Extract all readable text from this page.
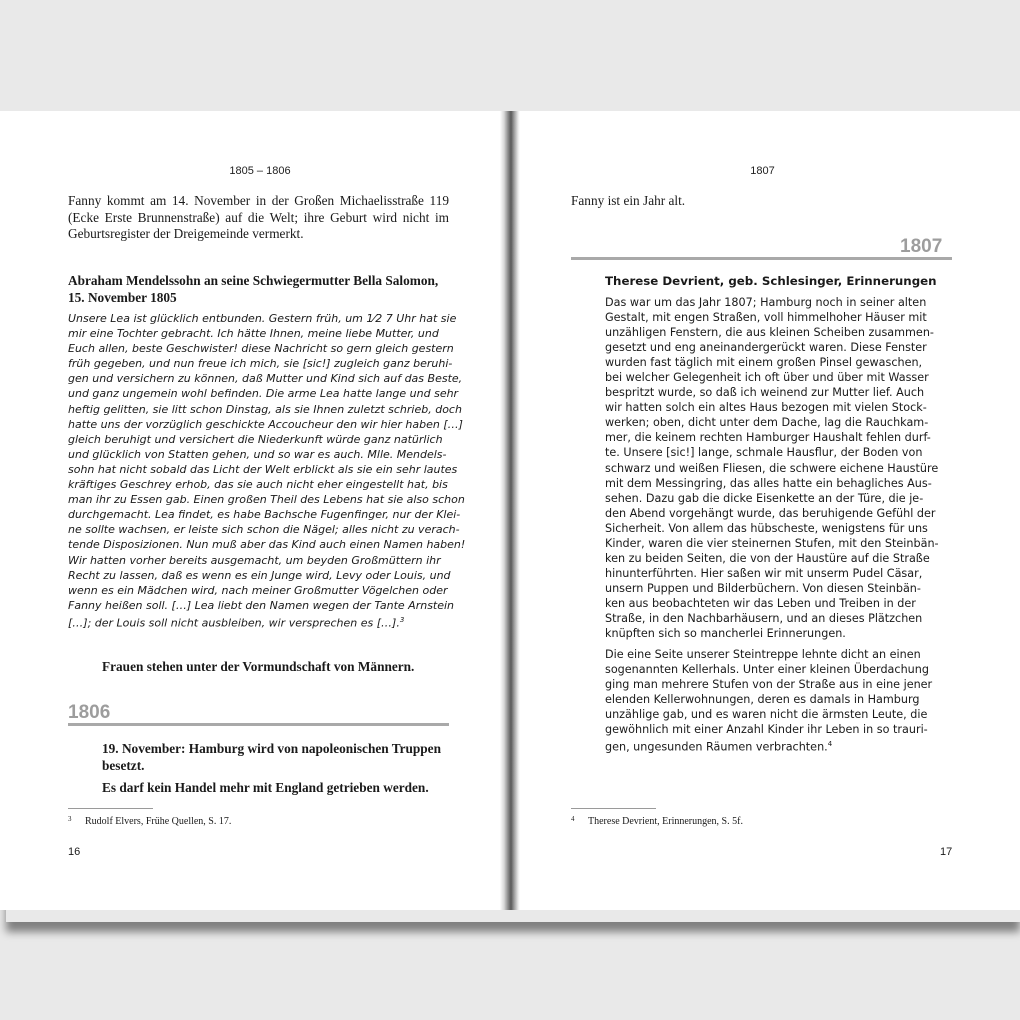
1805 – 1806
Fanny kommt am 14. November in der Großen Michaelisstraße 119 (Ecke Erste Brunnenstraße) auf die Welt; ihre Geburt wird nicht im Geburtsregister der Dreigemeinde vermerkt.
Abraham Mendelssohn an seine Schwiegermutter Bella Salomon,
15. November 1805
Unsere Lea ist glücklich entbunden. Gestern früh, um 1⁄2 7 Uhr hat sie
mir eine Tochter gebracht. Ich hätte Ihnen, meine liebe Mutter, und
Euch allen, beste Geschwister! diese Nachricht so gern gleich gestern
früh gegeben, und nun freue ich mich, sie [sic!] zugleich ganz beruhi-
gen und versichern zu können, daß Mutter und Kind sich auf das Beste,
und ganz ungemein wohl befinden. Die arme Lea hatte lange und sehr
heftig gelitten, sie litt schon Dinstag, als sie Ihnen zuletzt schrieb, doch
hatte uns der vorzüglich geschickte Accoucheur den wir hier haben […]
gleich beruhigt und versichert die Niederkunft würde ganz natürlich
und glücklich von Statten gehen, und so war es auch. Mlle. Mendels-
sohn hat nicht sobald das Licht der Welt erblickt als sie ein sehr lautes
kräftiges Geschrey erhob, das sie auch nicht eher eingestellt hat, bis
man ihr zu Essen gab. Einen großen Theil des Lebens hat sie also schon
durchgemacht. Lea findet, es habe Bachsche Fugenfinger, nur der Klei-
ne sollte wachsen, er leiste sich schon die Nägel; alles nicht zu verach-
tende Disposizionen. Nun muß aber das Kind auch einen Namen haben!
Wir hatten vorher bereits ausgemacht, um beyden Großmüttern ihr
Recht zu lassen, daß es wenn es ein Junge wird, Levy oder Louis, und
wenn es ein Mädchen wird, nach meiner Großmutter Vögelchen oder
Fanny heißen soll. […] Lea liebt den Namen wegen der Tante Arnstein
[…]; der Louis soll nicht ausbleiben, wir versprechen es […].$^3$
Frauen stehen unter der Vormundschaft von Männern.
1806
19. November: Hamburg wird von napoleonischen Truppen
besetzt.
Es darf kein Handel mehr mit England getrieben werden.
3 Rudolf Elvers, Frühe Quellen, S. 17.
16
1807
Fanny ist ein Jahr alt.
1807
Therese Devrient, geb. Schlesinger, Erinnerungen
Das war um das Jahr 1807; Hamburg noch in seiner alten
Gestalt, mit engen Straßen, voll himmelhoher Häuser mit
unzähligen Fenstern, die aus kleinen Scheiben zusammen-
gesetzt und eng aneinandergerückt waren. Diese Fenster
wurden fast täglich mit einem großen Pinsel gewaschen,
bei welcher Gelegenheit ich oft über und über mit Wasser
bespritzt wurde, so daß ich weinend zur Mutter lief. Auch
wir hatten solch ein altes Haus bezogen mit vielen Stock-
werken; oben, dicht unter dem Dache, lag die Rauchkam-
mer, die keinem rechten Hamburger Haushalt fehlen durf-
te. Unsere [sic!] lange, schmale Hausflur, der Boden von
schwarz und weißen Fliesen, die schwere eichene Haustüre
mit dem Messingring, das alles hatte ein behagliches Aus-
sehen. Dazu gab die dicke Eisenkette an der Türe, die je-
den Abend vorgehängt wurde, das beruhigende Gefühl der
Sicherheit. Von allem das hübscheste, wenigstens für uns
Kinder, waren die vier steinernen Stufen, mit den Steinbän-
ken zu beiden Seiten, die von der Haustüre auf die Straße
hinunterführten. Hier saßen wir mit unserm Pudel Cäsar,
unsern Puppen und Bilderbüchern. Von diesen Steinbän-
ken aus beobachteten wir das Leben und Treiben in der
Straße, in den Nachbarhäusern, und an dieses Plätzchen
knüpften sich so mancherlei Erinnerungen.
Die eine Seite unserer Steintreppe lehnte dicht an einen
sogenannten Kellerhals. Unter einer kleinen Überdachung
ging man mehrere Stufen von der Straße aus in eine jener
elenden Kellerwohnungen, deren es damals in Hamburg
unzählige gab, und es waren nicht die ärmsten Leute, die
gewöhnlich mit einer Anzahl Kinder ihr Leben in so trauri-
gen, ungesunden Räumen verbrachten.$^4$
4 Therese Devrient, Erinnerungen, S. 5f.
17
